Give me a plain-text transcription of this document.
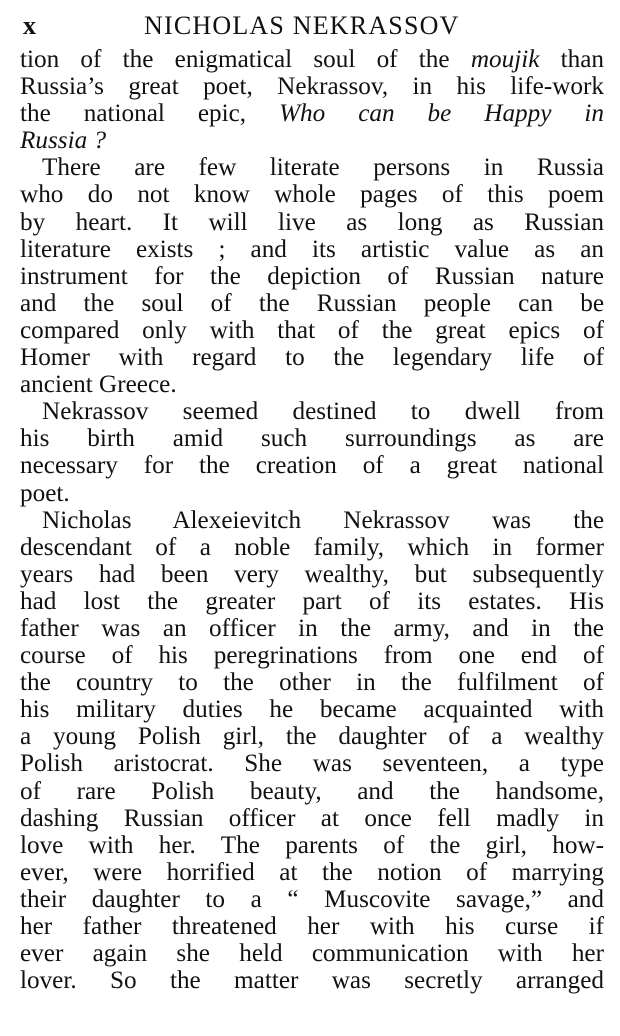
x	NICHOLAS NEKRASSOV
tion of the enigmatical soul of the moujik than
Russia’s great poet, Nekrassov, in his life-work
the national epic, Who can be Happy in
Russia ?
There are few literate persons in Russia
who do not know whole pages of this poem
by heart. It will live as long as Russian
literature exists ; and its artistic value as an
instrument for the depiction of Russian nature
and the soul of the Russian people can be
compared only with that of the great epics of
Homer with regard to the legendary life of
ancient Greece.
Nekrassov seemed destined to dwell from
his birth amid such surroundings as are
necessary for the creation of a great national
poet.
Nicholas Alexeievitch Nekrassov was the
descendant of a noble family, which in former
years had been very wealthy, but subsequently
had lost the greater part of its estates. His
father was an officer in the army, and in the
course of his peregrinations from one end of
the country to the other in the fulfilment of
his military duties he became acquainted with
a young Polish girl, the daughter of a wealthy
Polish aristocrat. She was seventeen, a type
of rare Polish beauty, and the handsome,
dashing Russian officer at once fell madly in
love with her. The parents of the girl, how-
ever, were horrified at the notion of marrying
their daughter to a “ Muscovite savage,” and
her father threatened her with his curse if
ever again she held communication with her
lover. So the matter was secretly arranged
